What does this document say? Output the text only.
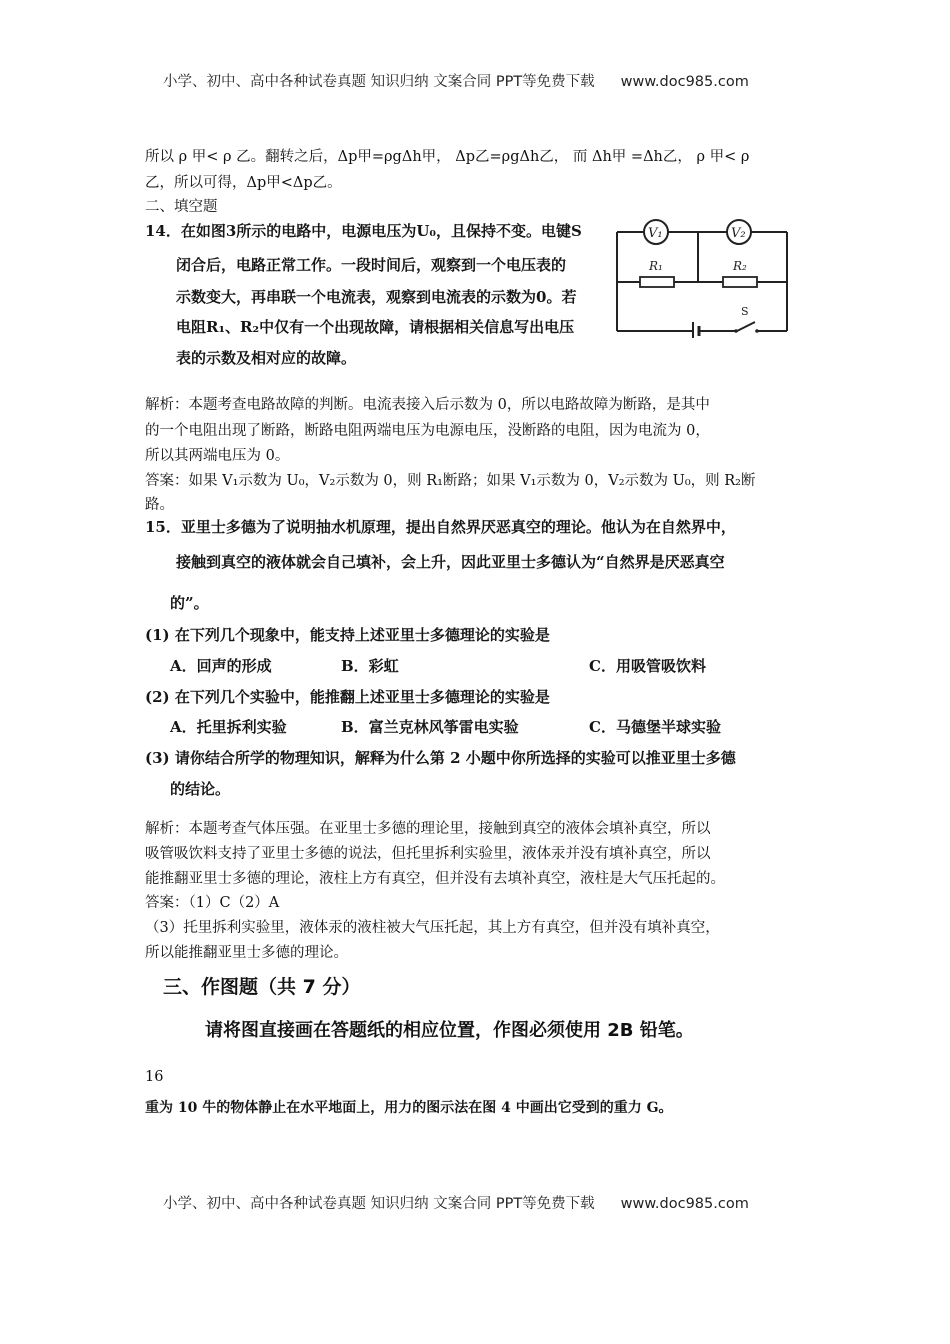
小学、初中、高中各种试卷真题 知识归纳 文案合同 PPT等免费下载 www.doc985.com
所以 ρ 甲< ρ 乙。翻转之后，Δp甲=ρgΔh甲， Δp乙=ρgΔh乙， 而 Δh甲 =Δh乙， ρ 甲< ρ
乙，所以可得，Δp甲<Δp乙。
二、填空题
14．在如图3所示的电路中，电源电压为U₀，且保持不变。电键S
闭合后，电路正常工作。一段时间后，观察到一个电压表的
示数变大，再串联一个电流表，观察到电流表的示数为0。若
电阻R₁、R₂中仅有一个出现故障，请根据相关信息写出电压
表的示数及相对应的故障。
V₁	V₂
R₁	R₂
S
解析：本题考查电路故障的判断。电流表接入后示数为 0，所以电路故障为断路，是其中
的一个电阻出现了断路，断路电阻两端电压为电源电压，没断路的电阻，因为电流为 0，
所以其两端电压为 0。
答案：如果 V₁示数为 U₀，V₂示数为 0，则 R₁断路；如果 V₁示数为 0，V₂示数为 U₀，则 R₂断
路。
15．亚里士多德为了说明抽水机原理，提出自然界厌恶真空的理论。他认为在自然界中，
接触到真空的液体就会自己填补，会上升，因此亚里士多德认为“自然界是厌恶真空
的”。
(1) 在下列几个现象中，能支持上述亚里士多德理论的实验是
A．回声的形成	B．彩虹	C．用吸管吸饮料
(2) 在下列几个实验中，能推翻上述亚里士多德理论的实验是
A．托里拆利实验	B．富兰克林风筝雷电实验	C．马德堡半球实验
(3) 请你结合所学的物理知识，解释为什么第 2 小题中你所选择的实验可以推亚里士多德
的结论。
解析：本题考查气体压强。在亚里士多德的理论里，接触到真空的液体会填补真空，所以
吸管吸饮料支持了亚里士多德的说法，但托里拆利实验里，液体汞并没有填补真空，所以
能推翻亚里士多德的理论，液柱上方有真空，但并没有去填补真空，液柱是大气压托起的。
答案：（1）C（2）A
（3）托里拆利实验里，液体汞的液柱被大气压托起，其上方有真空，但并没有填补真空，
所以能推翻亚里士多德的理论。
三、作图题（共 7 分）
请将图直接画在答题纸的相应位置，作图必须使用 2B 铅笔。
16
重为 10 牛的物体静止在水平地面上，用力的图示法在图 4 中画出它受到的重力 G。
小学、初中、高中各种试卷真题 知识归纳 文案合同 PPT等免费下载 www.doc985.com
